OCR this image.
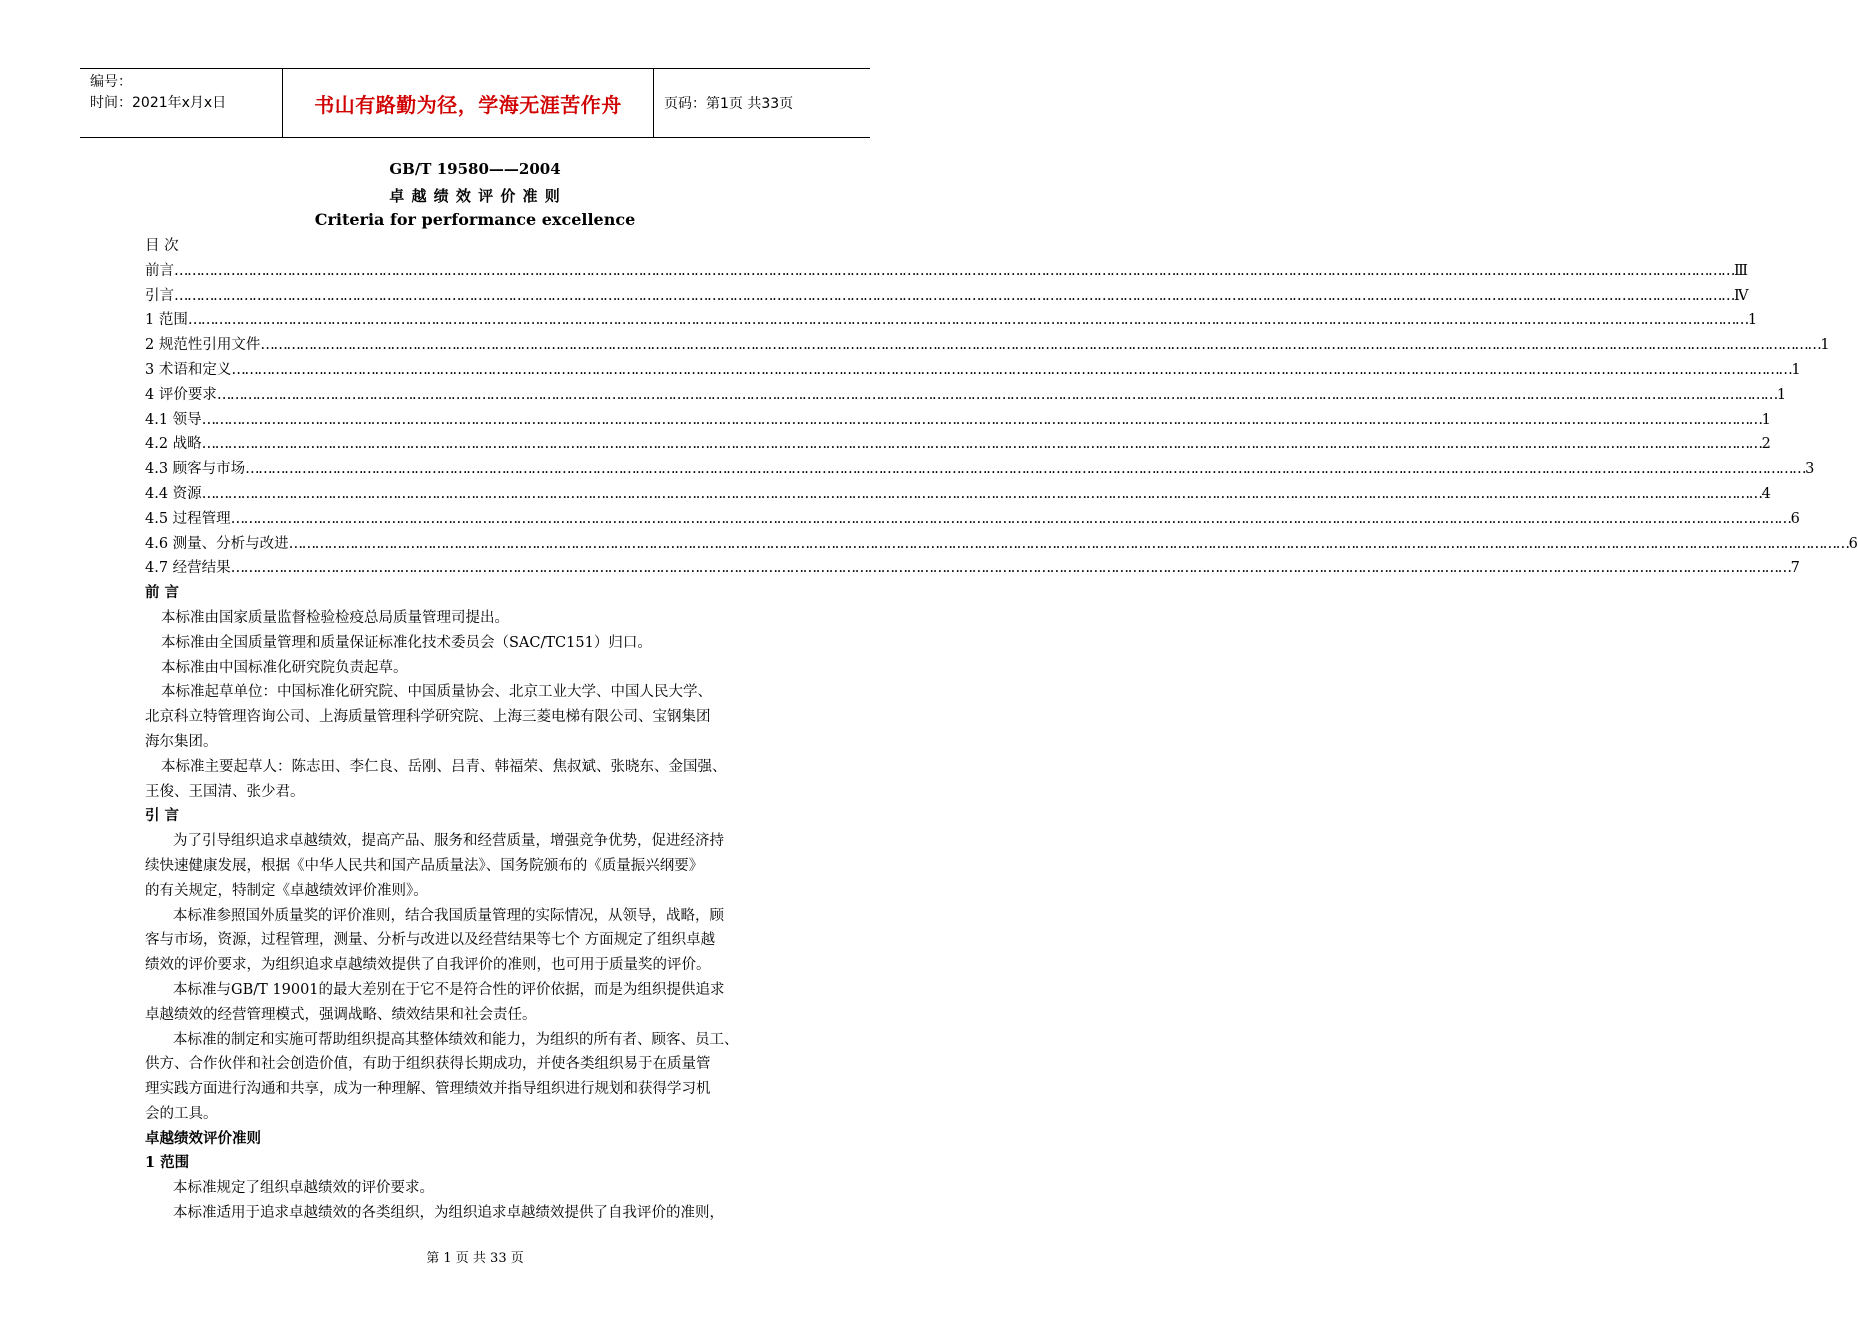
编号：
时间：2021年x月x日	书山有路勤为径，学海无涯苦作舟	页码：第1页 共33页
GB/T 19580——2004
卓 越 绩 效 评 价 准 则
Criteria for performance excellence
目 次
前言 ……………………………………………………………………………………………………………………………………………………………………………………………………………………………………………………………………………………………………………………………… Ⅲ
引言 ……………………………………………………………………………………………………………………………………………………………………………………………………………………………………………………………………………………………………………………………… Ⅳ
1 范围 ……………………………………………………………………………………………………………………………………………………………………………………………………………………………………………………………………………………………………………………………… 1
2 规范性引用文件 ……………………………………………………………………………………………………………………………………………………………………………………………………………………………………………………………………………………………………………………………… 1
3 术语和定义 ……………………………………………………………………………………………………………………………………………………………………………………………………………………………………………………………………………………………………………………………… 1
4 评价要求 ……………………………………………………………………………………………………………………………………………………………………………………………………………………………………………………………………………………………………………………………… 1
4.1 领导 ……………………………………………………………………………………………………………………………………………………………………………………………………………………………………………………………………………………………………………………………… 1
4.2 战略 ……………………………………………………………………………………………………………………………………………………………………………………………………………………………………………………………………………………………………………………………… 2
4.3 顾客与市场 ……………………………………………………………………………………………………………………………………………………………………………………………………………………………………………………………………………………………………………………………… 3
4.4 资源 ……………………………………………………………………………………………………………………………………………………………………………………………………………………………………………………………………………………………………………………………… 4
4.5 过程管理 ……………………………………………………………………………………………………………………………………………………………………………………………………………………………………………………………………………………………………………………………… 6
4.6 测量、分析与改进 ……………………………………………………………………………………………………………………………………………………………………………………………………………………………………………………………………………………………………………………………… 6
4.7 经营结果 ……………………………………………………………………………………………………………………………………………………………………………………………………………………………………………………………………………………………………………………………… 7
前 言
本标准由国家质量监督检验检疫总局质量管理司提出。
本标准由全国质量管理和质量保证标准化技术委员会（SAC/TC151）归口。
本标准由中国标准化研究院负责起草。
本标准起草单位：中国标准化研究院、中国质量协会、北京工业大学、中国人民大学、
北京科立特管理咨询公司、上海质量管理科学研究院、上海三菱电梯有限公司、宝钢集团
海尔集团。
本标准主要起草人：陈志田、李仁良、岳刚、吕青、韩福荣、焦叔斌、张晓东、金国强、
王俊、王国清、张少君。
引 言
为了引导组织追求卓越绩效，提高产品、服务和经营质量，增强竞争优势，促进经济持
续快速健康发展，根据《中华人民共和国产品质量法》、国务院颁布的《质量振兴纲要》
的有关规定，特制定《卓越绩效评价准则》。
本标准参照国外质量奖的评价准则，结合我国质量管理的实际情况，从领导，战略，顾
客与市场，资源，过程管理，测量、分析与改进以及经营结果等七个 方面规定了组织卓越
绩效的评价要求，为组织追求卓越绩效提供了自我评价的准则，也可用于质量奖的评价。
本标准与GB/T 19001的最大差别在于它不是符合性的评价依据，而是为组织提供追求
卓越绩效的经营管理模式，强调战略、绩效结果和社会责任。
本标准的制定和实施可帮助组织提高其整体绩效和能力，为组织的所有者、顾客、员工、
供方、合作伙伴和社会创造价值，有助于组织获得长期成功，并使各类组织易于在质量管
理实践方面进行沟通和共享，成为一种理解、管理绩效并指导组织进行规划和获得学习机
会的工具。
卓越绩效评价准则
1 范围
本标准规定了组织卓越绩效的评价要求。
本标准适用于追求卓越绩效的各类组织，为组织追求卓越绩效提供了自我评价的准则，
第 1 页 共 33 页
